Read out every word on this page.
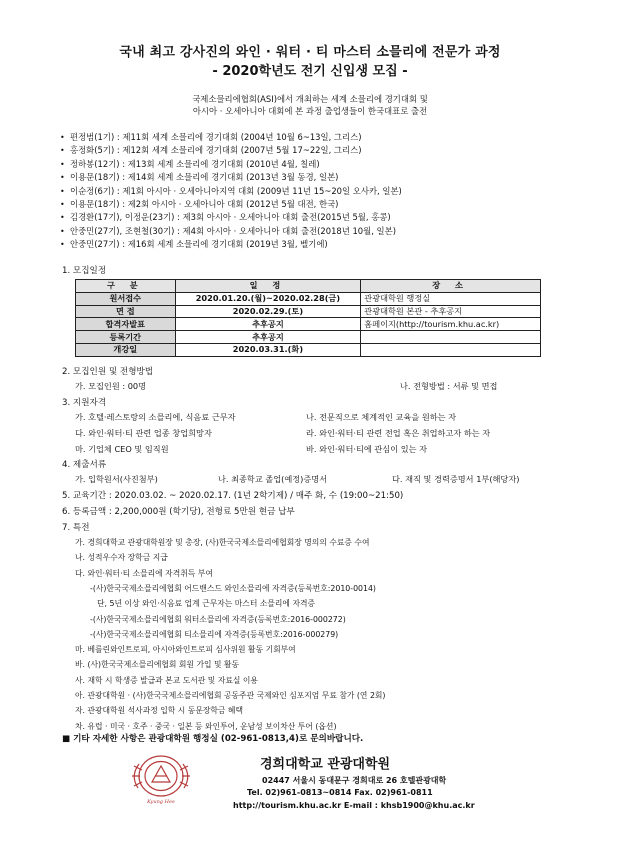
국내 최고 강사진의 와인 · 워터 · 티 마스터 소믈리에 전문가 과정
- 2020학년도 전기 신입생 모집 -
국제소믈리에협회(ASI)에서 개최하는 세계 소믈리에 경기대회 및
아시아 · 오세아니아 대회에 본 과정 출업생들이 한국대표로 출전
• 편정범(1기) : 제11회 세계 소믈리에 경기대회 (2004년 10월 6~13일, 그리스)
• 홍정화(5기) : 제12회 세계 소믈리에 경기대회 (2007년 5월 17~22일, 그리스)
• 정하봉(12기) : 제13회 세계 소믈리에 경기대회 (2010년 4월, 칠레)
• 이용문(18기) : 제14회 세계 소믈리에 경기대회 (2013년 3월 동경, 일본)
• 이순정(6기) : 제1회 아시아 · 오세아니아지역 대회 (2009년 11년 15~20일 오사카, 일본)
• 이용문(18기) : 제2회 아시아 · 오세아니아 대회 (2012년 5월 대전, 한국)
• 김경환(17기), 이정운(23기) : 제3회 아시아 · 오세아니아 대회 출전(2015년 5월, 홍콩)
• 안중민(27기), 조현철(30기) : 제4회 아시아 · 오세아니아 대회 출전(2018년 10월, 일본)
• 안중민(27기) : 제16회 세계 소믈리에 경기대회 (2019년 3월, 벨기에)
1. 모집일정
구 분	일 정	장 소
원서접수	2020.01.20.(월)~2020.02.28(금)	관광대학원 행정실
면 접	2020.02.29.(토)	관광대학원 본관 - 추후공지
합격자발표	추후공지	홈페이지(http://tourism.khu.ac.kr)
등록기간	추후공지	
개강일	2020.03.31.(화)	
2. 모집인원 및 전형방법
가. 모집인원 : 00명	나. 전형방법 : 서류 및 면접
3. 지원자격
가. 호텔·레스토랑의 소믈리에, 식음료 근무자	나. 전문직으로 체계적인 교육을 원하는 자
다. 와인·워터·티 관련 업종 창업희망자	라. 와인·워터·티 관련 전업 혹은 취업하고자 하는 자
마. 기업체 CEO 및 임직원	바. 와인·워터·티에 관심이 있는 자
4. 제출서류
가. 입학원서(사진첨부)	나. 최종학교 졸업(예정)증명서	다. 재직 및 경력증명서 1부(해당자)
5. 교육기간 : 2020.03.02. ~ 2020.02.17. (1년 2학기제) / 매주 화, 수 (19:00~21:50)
6. 등록금액 : 2,200,000원 (학기당), 전형료 5만원 현금 납부
7. 특전
■ 기타 자세한 사항은 관광대학원 행정실 (02-961-0813,4)로 문의바랍니다.
Kyung Hee
경희대학교 관광대학원
02447 서울시 동대문구 경희대로 26 호텔관광대학
Tel. 02)961-0813~0814 Fax. 02)961-0811
http://tourism.khu.ac.kr E-mail : khsb1900@khu.ac.kr
가. 경희대학교 관광대학원장 및 총장, (사)한국국제소믈리에협회장 명의의 수료증 수여
나. 성적우수자 장학금 지급
다. 와인·워터·티 소믈리에 자격취득 부여
-(사)한국국제소믈리에협회 어드밴스드 와인소믈리에 자격증(등록번호:2010-0014)
단, 5년 이상 와인·식음료 업계 근무자는 마스터 소믈리에 자격증
-(사)한국국제소믈리에협회 워터소믈리에 자격증(등록번호:2016-000272)
-(사)한국국제소믈리에협회 티소믈리에 자격증(등록번호:2016-000279)
마. 베를린와인트로피, 아시아와인트로피 심사위원 활동 기회부여
바. (사)한국국제소믈리에협회 회원 가입 및 활동
사. 재학 시 학생증 발급과 본교 도서관 및 자료실 이용
아. 관광대학원 · (사)한국국제소믈리에협회 공동주관 국제와인 심포지엄 무료 참가 (연 2회)
자. 관광대학원 석사과정 입학 시 동문장학금 혜택
차. 유럽 · 미국 · 호주 · 중국 · 일본 등 와인투어, 운남성 보이차산 투어 (옵션)
